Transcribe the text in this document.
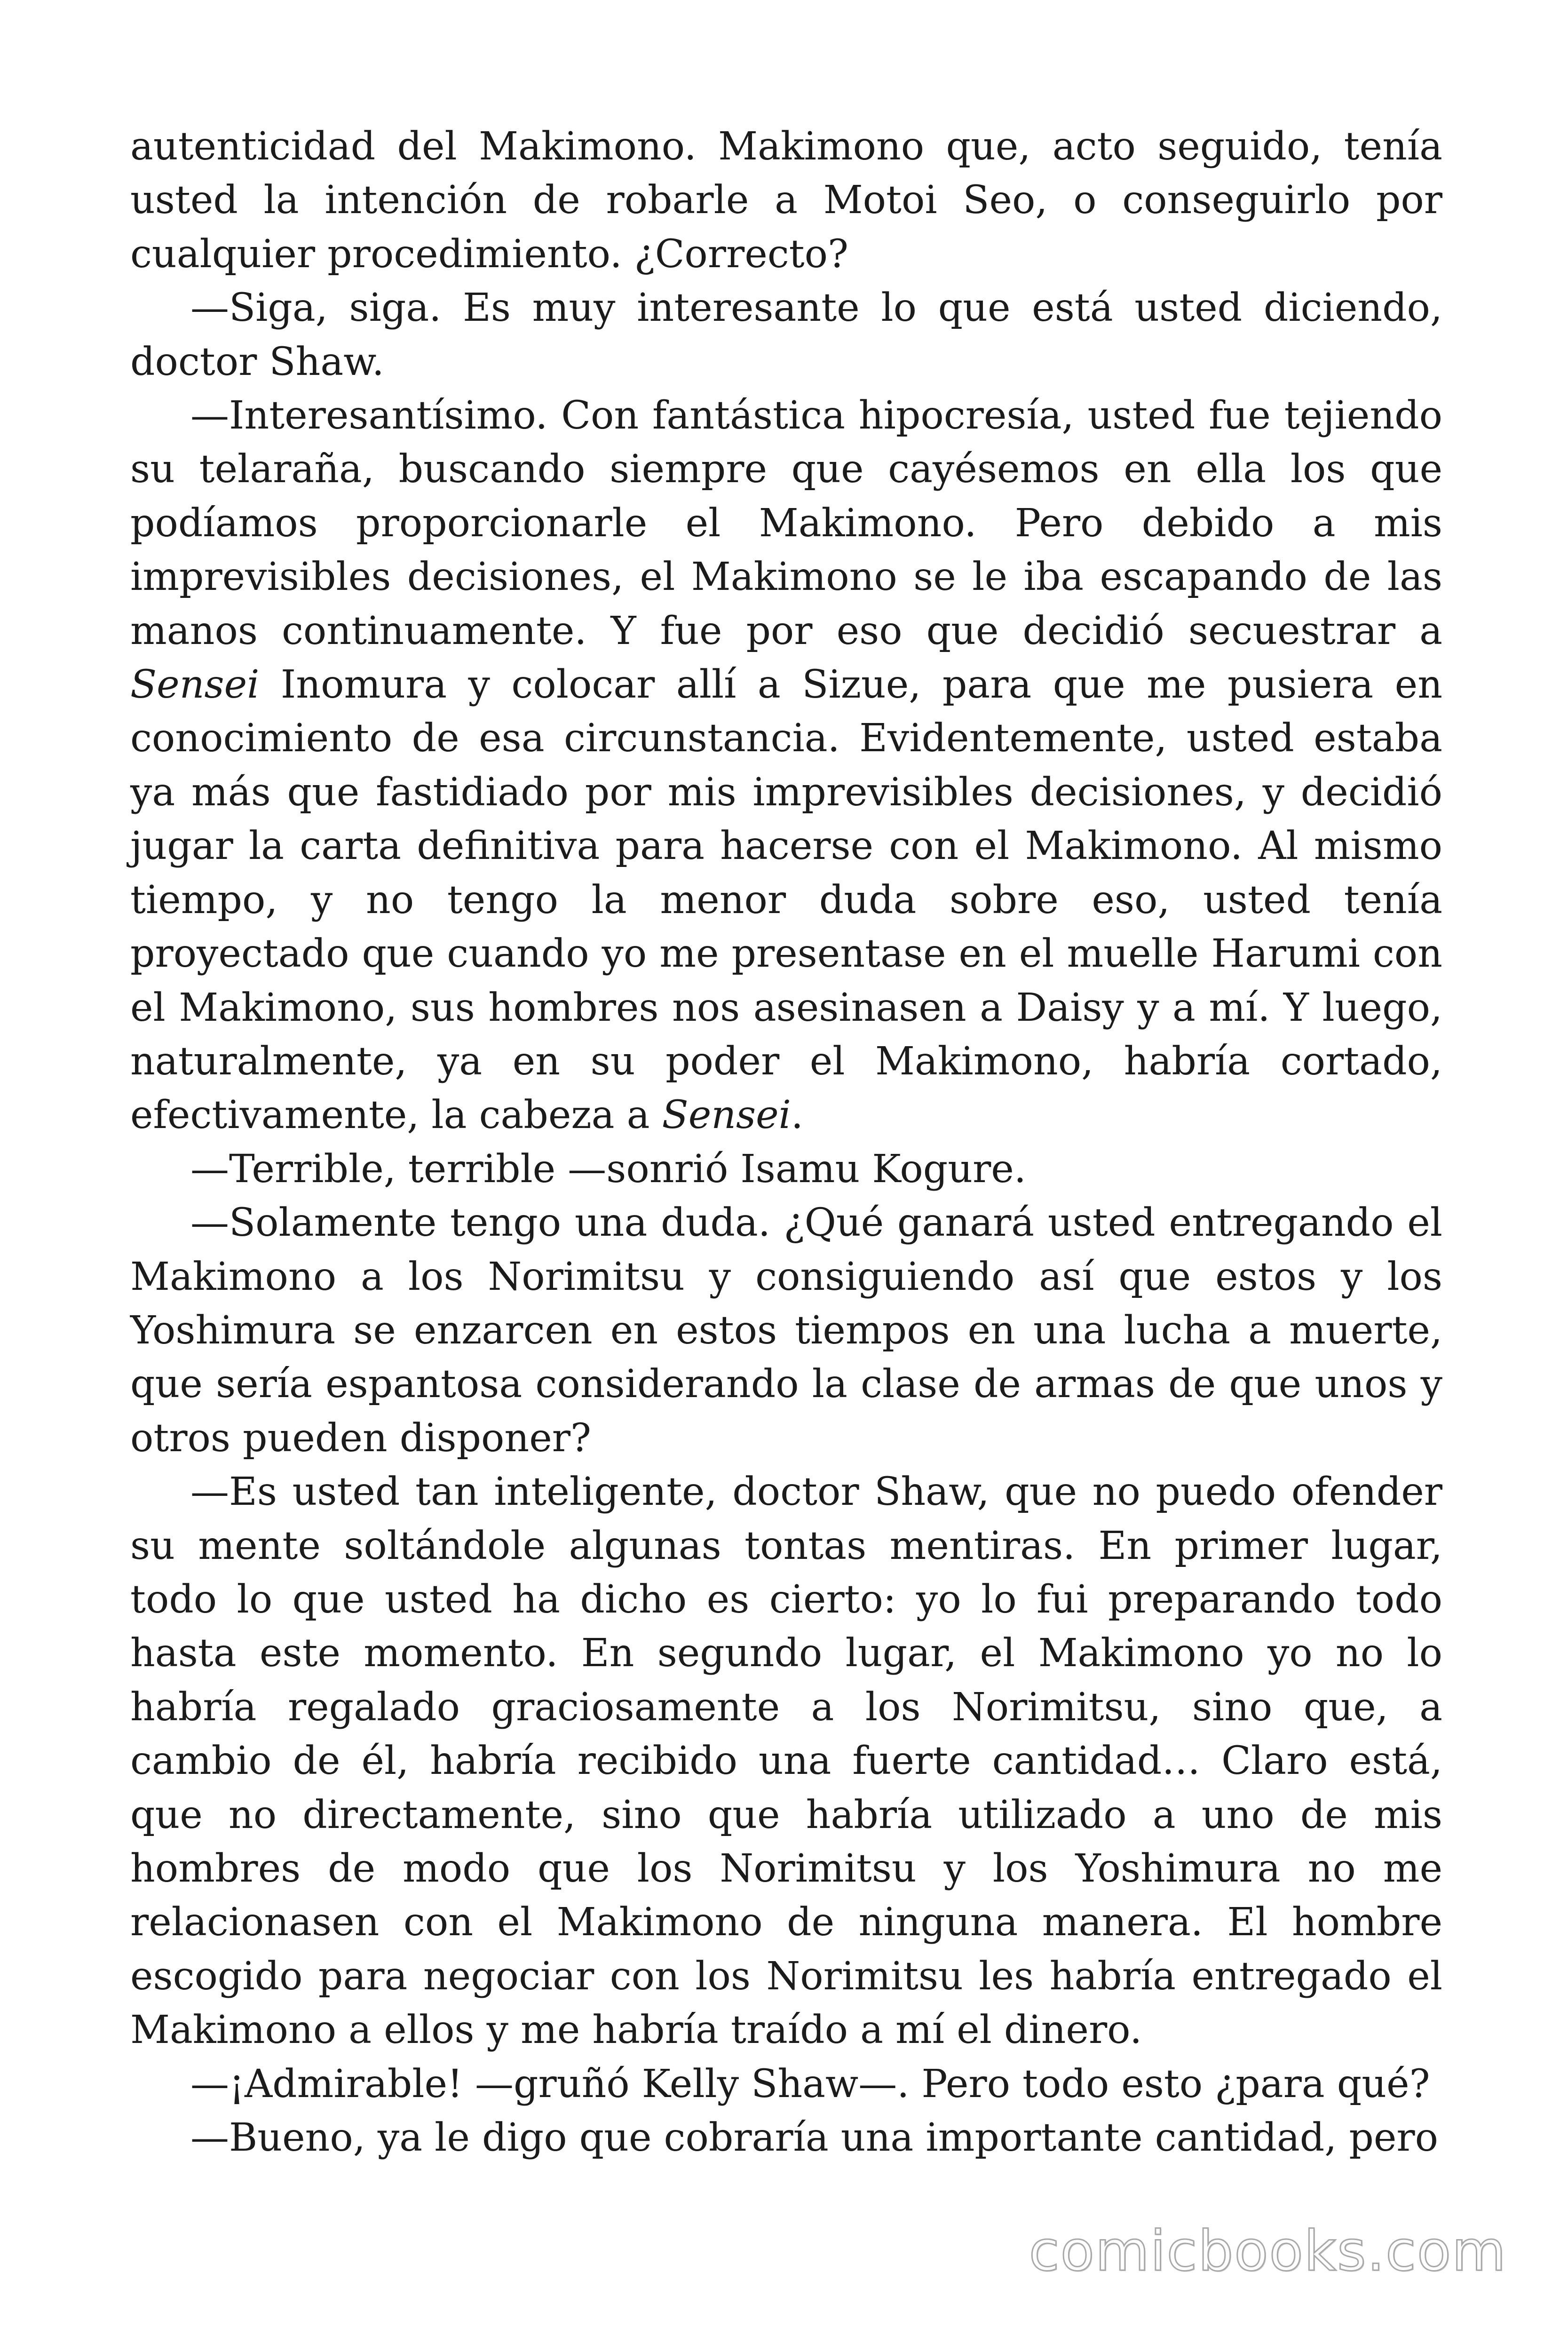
autenticidad del Makimono. Makimono que, acto seguido, tenía usted la intención de robarle a Motoi Seo, o conseguirlo por cualquier procedimiento. ¿Correcto?

—Siga, siga. Es muy interesante lo que está usted diciendo, doctor Shaw.

—Interesantísimo. Con fantástica hipocresía, usted fue tejiendo su telaraña, buscando siempre que cayésemos en ella los que podíamos proporcionarle el Makimono. Pero debido a mis imprevisibles decisiones, el Makimono se le iba escapando de las manos continuamente. Y fue por eso que decidió secuestrar a Sensei Inomura y colocar allí a Sizue, para que me pusiera en conocimiento de esa circunstancia. Evidentemente, usted estaba ya más que fastidiado por mis imprevisibles decisiones, y decidió jugar la carta definitiva para hacerse con el Makimono. Al mismo tiempo, y no tengo la menor duda sobre eso, usted tenía proyectado que cuando yo me presentase en el muelle Harumi con el Makimono, sus hombres nos asesinasen a Daisy y a mí. Y luego, naturalmente, ya en su poder el Makimono, habría cortado, efectivamente, la cabeza a Sensei.

—Terrible, terrible —sonrió Isamu Kogure.

—Solamente tengo una duda. ¿Qué ganará usted entregando el Makimono a los Norimitsu y consiguiendo así que estos y los Yoshimura se enzarcen en estos tiempos en una lucha a muerte, que sería espantosa considerando la clase de armas de que unos y otros pueden disponer?

—Es usted tan inteligente, doctor Shaw, que no puedo ofender su mente soltándole algunas tontas mentiras. En primer lugar, todo lo que usted ha dicho es cierto: yo lo fui preparando todo hasta este momento. En segundo lugar, el Makimono yo no lo habría regalado graciosamente a los Norimitsu, sino que, a cambio de él, habría recibido una fuerte cantidad… Claro está, que no directamente, sino que habría utilizado a uno de mis hombres de modo que los Norimitsu y los Yoshimura no me relacionasen con el Makimono de ninguna manera. El hombre escogido para negociar con los Norimitsu les habría entregado el Makimono a ellos y me habría traído a mí el dinero.

—¡Admirable! —gruñó Kelly Shaw—. Pero todo esto ¿para qué?

—Bueno, ya le digo que cobraría una importante cantidad, pero

comicbooks.com
